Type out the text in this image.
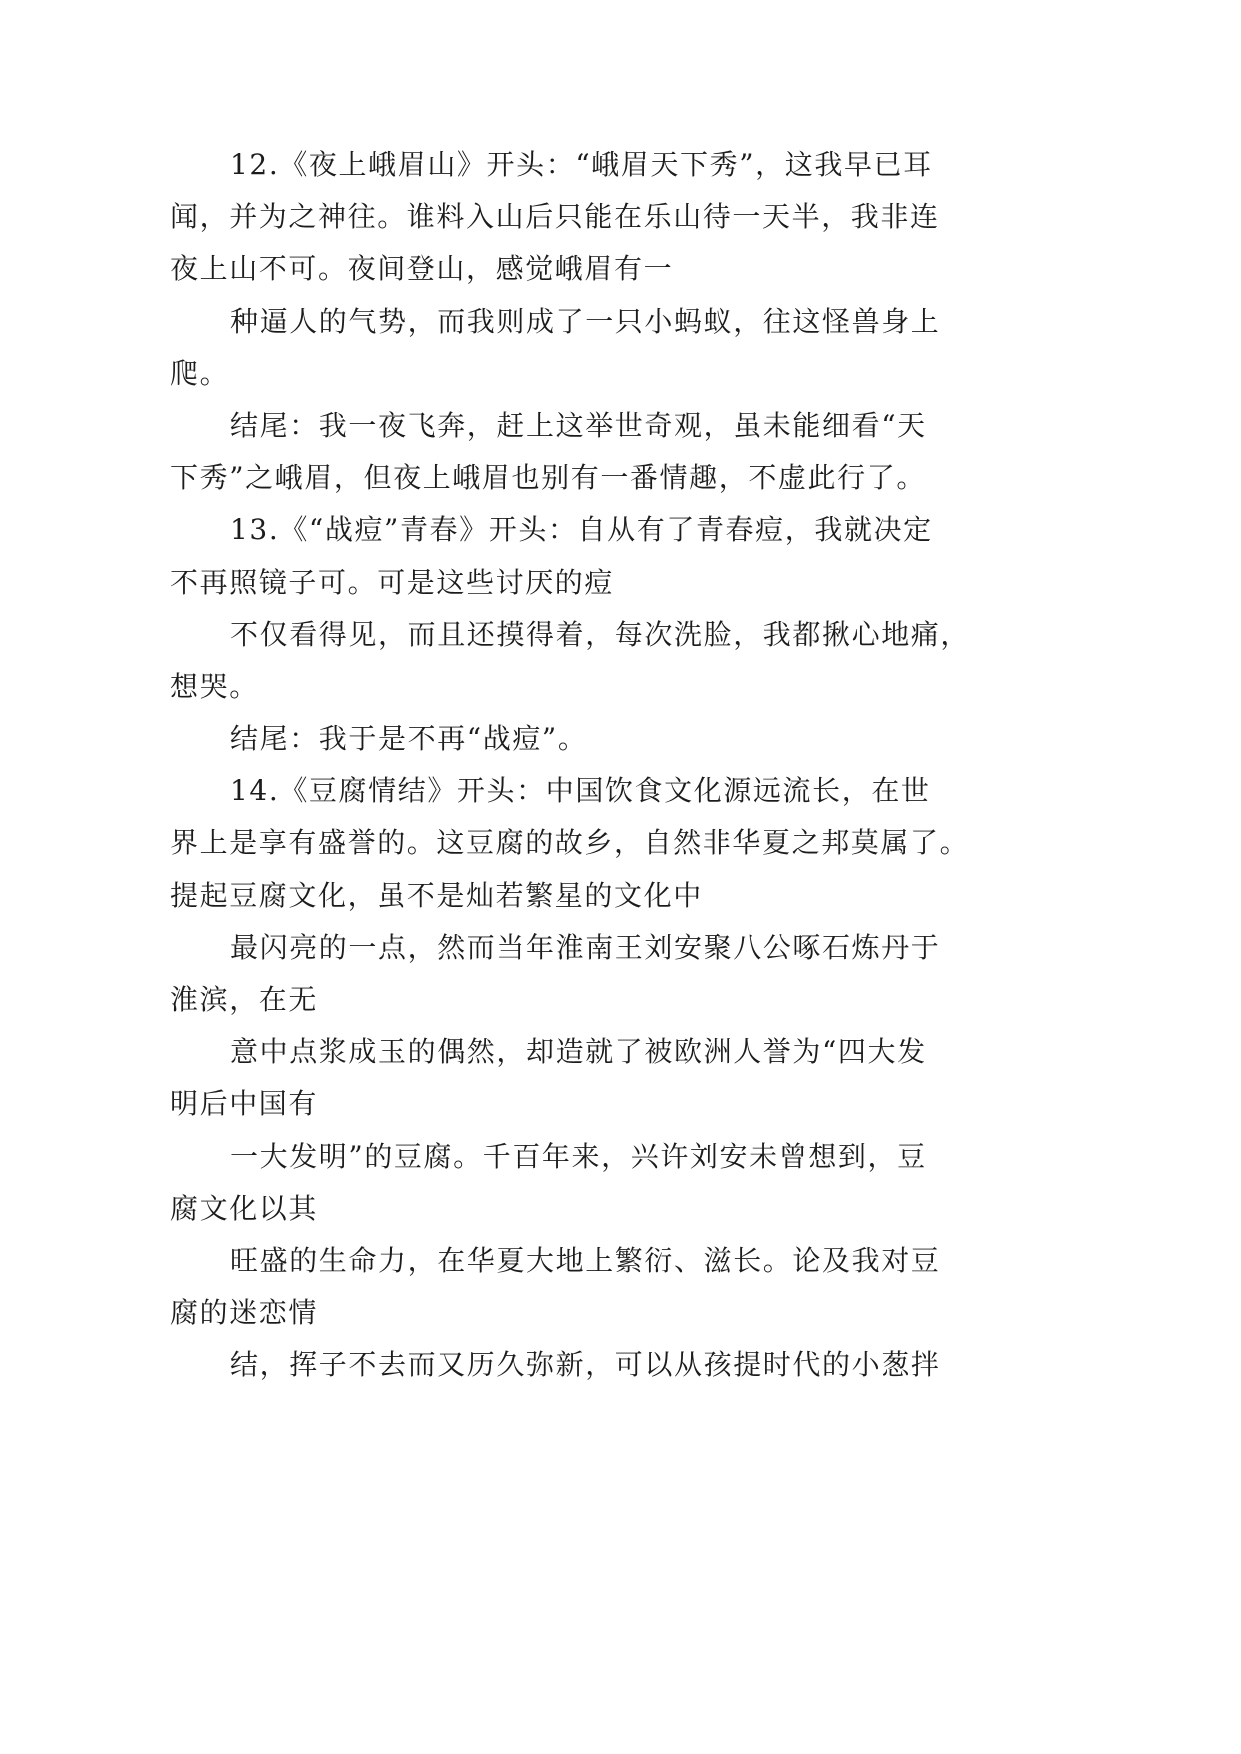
12.《夜上峨眉山》开头：“峨眉天下秀”，这我早已耳
闻，并为之神往。谁料入山后只能在乐山待一天半，我非连
夜上山不可。夜间登山，感觉峨眉有一
种逼人的气势，而我则成了一只小蚂蚁，往这怪兽身上
爬。
结尾：我一夜飞奔，赶上这举世奇观，虽未能细看“天
下秀”之峨眉，但夜上峨眉也别有一番情趣，不虚此行了。
13.《“战痘”青春》开头：自从有了青春痘，我就决定
不再照镜子可。可是这些讨厌的痘
不仅看得见，而且还摸得着，每次洗脸，我都揪心地痛，
想哭。
结尾：我于是不再“战痘”。
14.《豆腐情结》开头：中国饮食文化源远流长，在世
界上是享有盛誉的。这豆腐的故乡，自然非华夏之邦莫属了。
提起豆腐文化，虽不是灿若繁星的文化中
最闪亮的一点，然而当年淮南王刘安聚八公啄石炼丹于
淮滨，在无
意中点浆成玉的偶然，却造就了被欧洲人誉为“四大发
明后中国有
一大发明”的豆腐。千百年来，兴许刘安未曾想到，豆
腐文化以其
旺盛的生命力，在华夏大地上繁衍、滋长。论及我对豆
腐的迷恋情
结，挥子不去而又历久弥新，可以从孩提时代的小葱拌
